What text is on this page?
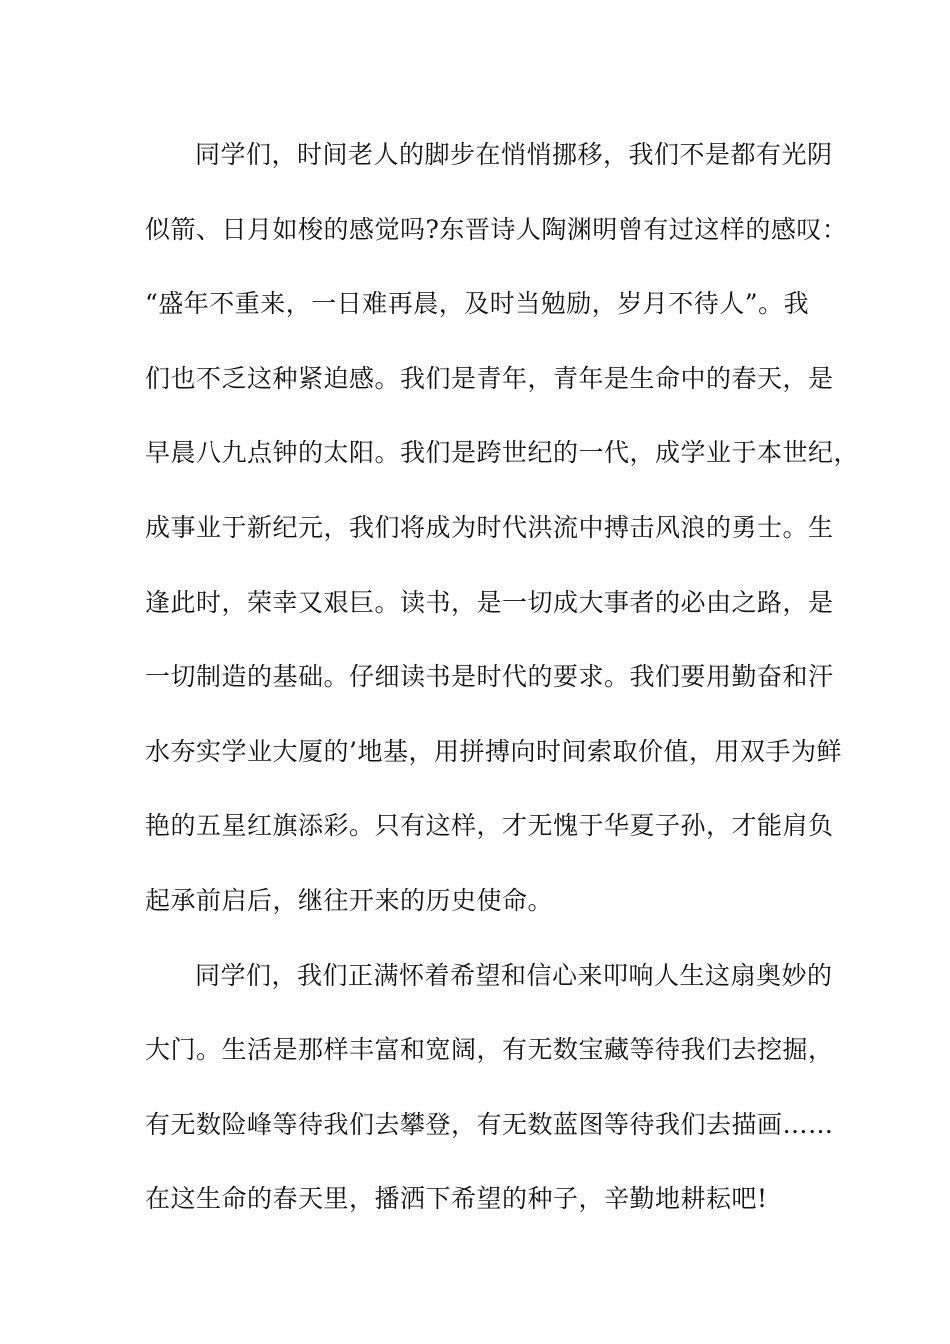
同学们，时间老人的脚步在悄悄挪移，我们不是都有光阴
似箭、日月如梭的感觉吗?东晋诗人陶渊明曾有过这样的感叹：
“盛年不重来，一日难再晨，及时当勉励，岁月不待人”。我
们也不乏这种紧迫感。我们是青年，青年是生命中的春天，是
早晨八九点钟的太阳。我们是跨世纪的一代，成学业于本世纪，
成事业于新纪元，我们将成为时代洪流中搏击风浪的勇士。生
逢此时，荣幸又艰巨。读书，是一切成大事者的必由之路，是
一切制造的基础。仔细读书是时代的要求。我们要用勤奋和汗
水夯实学业大厦的’地基，用拼搏向时间索取价值，用双手为鲜
艳的五星红旗添彩。只有这样，才无愧于华夏子孙，才能肩负
起承前启后，继往开来的历史使命。
同学们，我们正满怀着希望和信心来叩响人生这扇奥妙的
大门。生活是那样丰富和宽阔，有无数宝藏等待我们去挖掘，
有无数险峰等待我们去攀登，有无数蓝图等待我们去描画……
在这生命的春天里，播洒下希望的种子，辛勤地耕耘吧!
